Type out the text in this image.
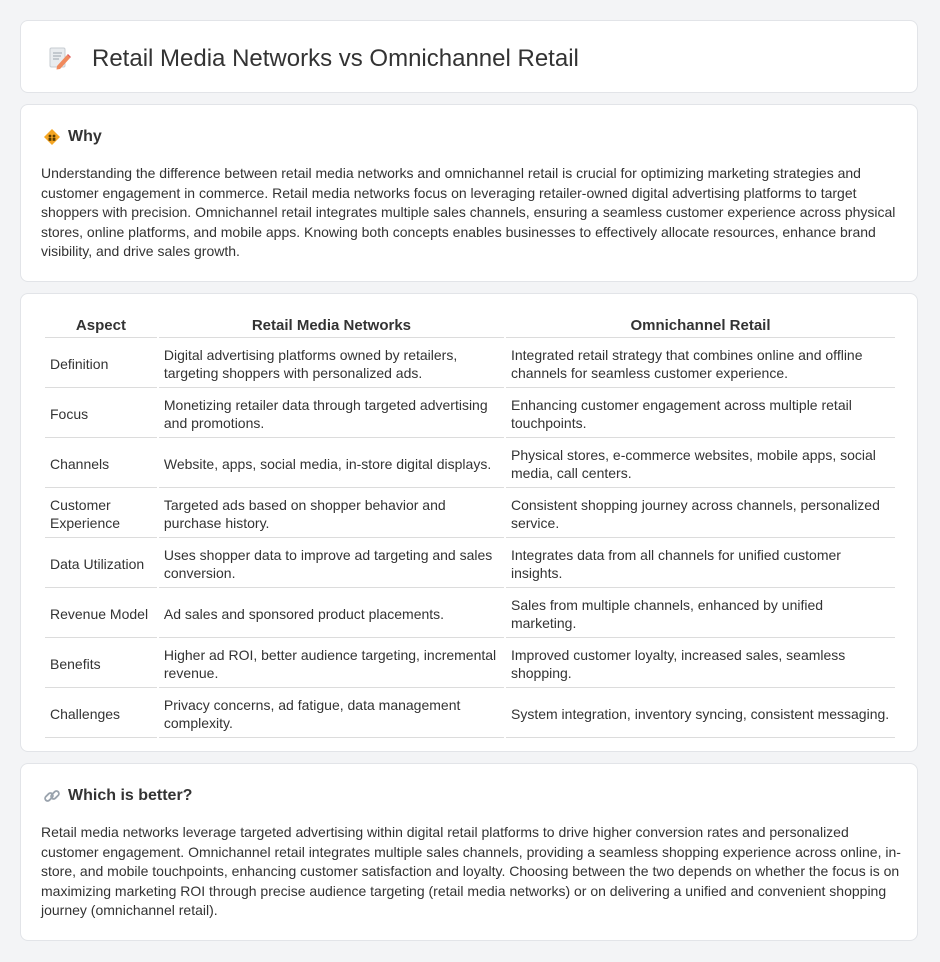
Retail Media Networks vs Omnichannel Retail
Why

Understanding the difference between retail media networks and omnichannel retail is crucial for optimizing marketing strategies and customer engagement in commerce. Retail media networks focus on leveraging retailer-owned digital advertising platforms to target shoppers with precision. Omnichannel retail integrates multiple sales channels, ensuring a seamless customer experience across physical stores, online platforms, and mobile apps. Knowing both concepts enables businesses to effectively allocate resources, enhance brand visibility, and drive sales growth.

Aspect	Retail Media Networks	Omnichannel Retail
Definition	Digital advertising platforms owned by retailers, targeting shoppers with personalized ads.	Integrated retail strategy that combines online and offline channels for seamless customer experience.
Focus	Monetizing retailer data through targeted advertising and promotions.	Enhancing customer engagement across multiple retail touchpoints.
Channels	Website, apps, social media, in-store digital displays.	Physical stores, e-commerce websites, mobile apps, social media, call centers.
Customer Experience	Targeted ads based on shopper behavior and purchase history.	Consistent shopping journey across channels, personalized service.
Data Utilization	Uses shopper data to improve ad targeting and sales conversion.	Integrates data from all channels for unified customer insights.
Revenue Model	Ad sales and sponsored product placements.	Sales from multiple channels, enhanced by unified marketing.
Benefits	Higher ad ROI, better audience targeting, incremental revenue.	Improved customer loyalty, increased sales, seamless shopping.
Challenges	Privacy concerns, ad fatigue, data management complexity.	System integration, inventory syncing, consistent messaging.
Which is better?

Retail media networks leverage targeted advertising within digital retail platforms to drive higher conversion rates and personalized customer engagement. Omnichannel retail integrates multiple sales channels, providing a seamless shopping experience across online, in-store, and mobile touchpoints, enhancing customer satisfaction and loyalty. Choosing between the two depends on whether the focus is on maximizing marketing ROI through precise audience targeting (retail media networks) or on delivering a unified and convenient shopping journey (omnichannel retail).
